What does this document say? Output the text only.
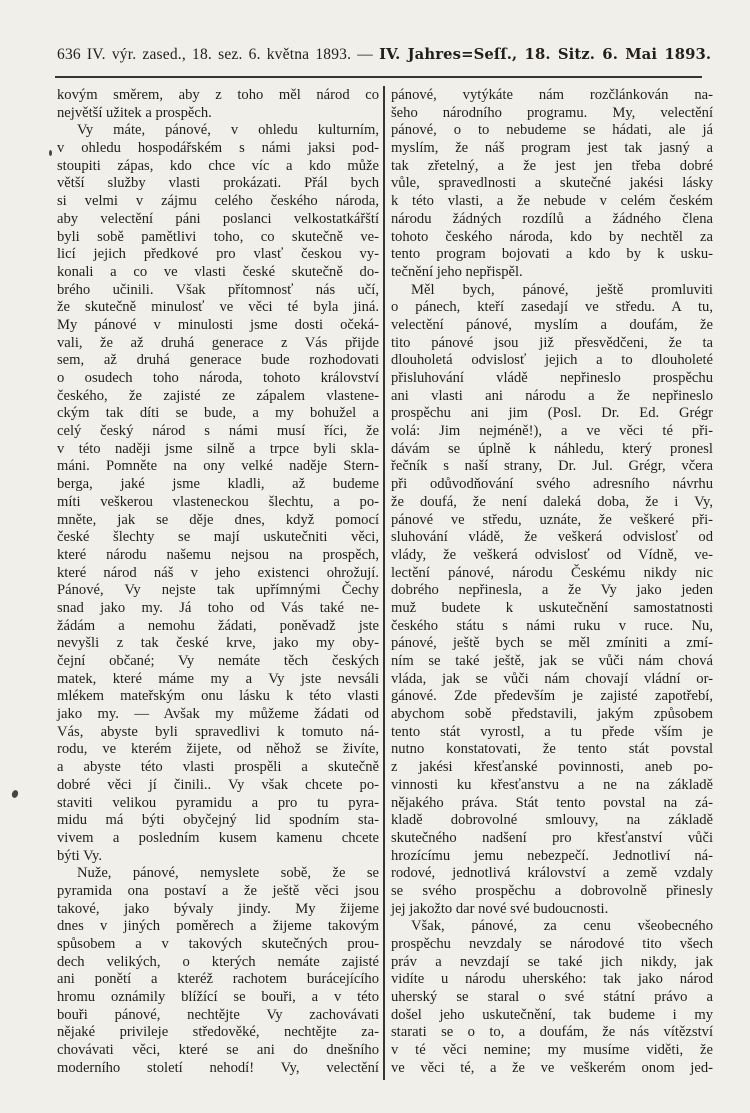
636 IV. výr. zased., 18. sez. 6. května 1893. — IV. Jahres=Seſſ., 18. Sitz. 6. Mai 1893.
kovým směrem, aby z toho měl národ co
největší užitek a prospěch.
Vy máte, pánové, v ohledu kulturním,
v ohledu hospodářském s námi jaksi pod-
stoupiti zápas, kdo chce víc a kdo může
větší služby vlasti prokázati. Přál bych
si velmi v zájmu celého českého národa,
aby velectění páni poslanci velkostatkářští
byli sobě pamětlivi toho, co skutečně ve-
licí jejich předkové pro vlasť českou vy-
konali a co ve vlasti české skutečně do-
brého učinili. Však přítomnosť nás učí,
že skutečně minulosť ve věci té byla jiná.
My pánové v minulosti jsme dosti očeká-
vali, že až druhá generace z Vás přijde
sem, až druhá generace bude rozhodovati
o osudech toho národa, tohoto království
českého, že zajisté ze zápalem vlastene-
ckým tak díti se bude, a my bohužel a
celý český národ s námi musí říci, že
v této naději jsme silně a trpce byli skla-
máni. Pomněte na ony velké naděje Stern-
berga, jaké jsme kladli, až budeme
míti veškerou vlasteneckou šlechtu, a po-
mněte, jak se děje dnes, když pomocí
české šlechty se mají uskutečniti věci,
které národu našemu nejsou na prospěch,
které národ náš v jeho existenci ohrožují.
Pánové, Vy nejste tak upřímnými Čechy
snad jako my. Já toho od Vás také ne-
žádám a nemohu žádati, poněvadž jste
nevyšli z tak české krve, jako my oby-
čejní občané; Vy nemáte těch českých
matek, které máme my a Vy jste nevsáli
mlékem mateřským onu lásku k této vlasti
jako my. — Avšak my můžeme žádati od
Vás, abyste byli spravedlivi k tomuto ná-
rodu, ve kterém žijete, od něhož se živíte,
a abyste této vlasti prospěli a skutečně
dobré věci jí činili.. Vy však chcete po-
staviti velikou pyramidu a pro tu pyra-
midu má býti obyčejný lid spodním sta-
vivem a posledním kusem kamenu chcete
býti Vy.
Nuže, pánové, nemyslete sobě, že se
pyramida ona postaví a že ještě věci jsou
takové, jako bývaly jindy. My žijeme
dnes v jiných poměrech a žijeme takovým
spůsobem a v takových skutečných prou-
dech velikých, o kterých nemáte zajisté
ani ponětí a kteréž rachotem burácejícího
hromu oznámily blížící se bouři, a v této
bouři pánové, nechtějte Vy zachovávati
nějaké privileje středověké, nechtějte za-
chovávati věci, které se ani do dnešního
moderního století nehodí! Vy, velectění
pánové, vytýkáte nám rozčlánkován na-
šeho národního programu. My, velectění
pánové, o to nebudeme se hádati, ale já
myslím, že náš program jest tak jasný a
tak zřetelný, a že jest jen třeba dobré
vůle, spravedlnosti a skutečné jakési lásky
k této vlasti, a že nebude v celém českém
národu žádných rozdílů a žádného člena
tohoto českého národa, kdo by nechtěl za
tento program bojovati a kdo by k usku-
tečnění jeho nepřispěl.
Měl bych, pánové, ještě promluviti
o pánech, kteří zasedají ve středu. A tu,
velectění pánové, myslím a doufám, že
tito pánové jsou již přesvědčeni, že ta
dlouholetá odvislosť jejich a to dlouholeté
přisluhování vládě nepřineslo prospěchu
ani vlasti ani národu a že nepřineslo
prospěchu ani jim (Posl. Dr. Ed. Grégr
volá: Jim nejméně!), a ve věci té při-
dávám se úplně k náhledu, který pronesl
řečník s naší strany, Dr. Jul. Grégr, včera
při odůvodňování svého adresního návrhu
že doufá, že není daleká doba, že i Vy,
pánové ve středu, uznáte, že veškeré při-
sluhování vládě, že veškerá odvislosť od
vlády, že veškerá odvislosť od Vídně, ve-
lectění pánové, národu Českému nikdy nic
dobrého nepřinesla, a že Vy jako jeden
muž budete k uskutečnění samostatnosti
českého státu s námi ruku v ruce. Nu,
pánové, ještě bych se měl zmíniti a zmí-
ním se také ještě, jak se vůči nám chová
vláda, jak se vůči nám chovají vládní or-
gánové. Zde především je zajisté zapotřebí,
abychom sobě představili, jakým způsobem
tento stát vyrostl, a tu přede vším je
nutno konstatovati, že tento stát povstal
z jakési křesťanské povinnosti, aneb po-
vinnosti ku křesťanstvu a ne na základě
nějakého práva. Stát tento povstal na zá-
kladě dobrovolné smlouvy, na základě
skutečného nadšení pro křesťanství vůči
hrozícímu jemu nebezpečí. Jednotliví ná-
rodové, jednotlivá království a země vzdaly
se svého prospěchu a dobrovolně přinesly
jej jakožto dar nové své budoucnosti.
Však, pánové, za cenu všeobecného
prospěchu nevzdaly se národové tito všech
práv a nevzdají se také jich nikdy, jak
vidíte u národu uherského: tak jako národ
uherský se staral o své státní právo a
došel jeho uskutečnění, tak budeme i my
starati se o to, a doufám, že nás vítězství
v té věci nemine; my musíme viděti, že
ve věci té, a že ve veškerém onom jed-
